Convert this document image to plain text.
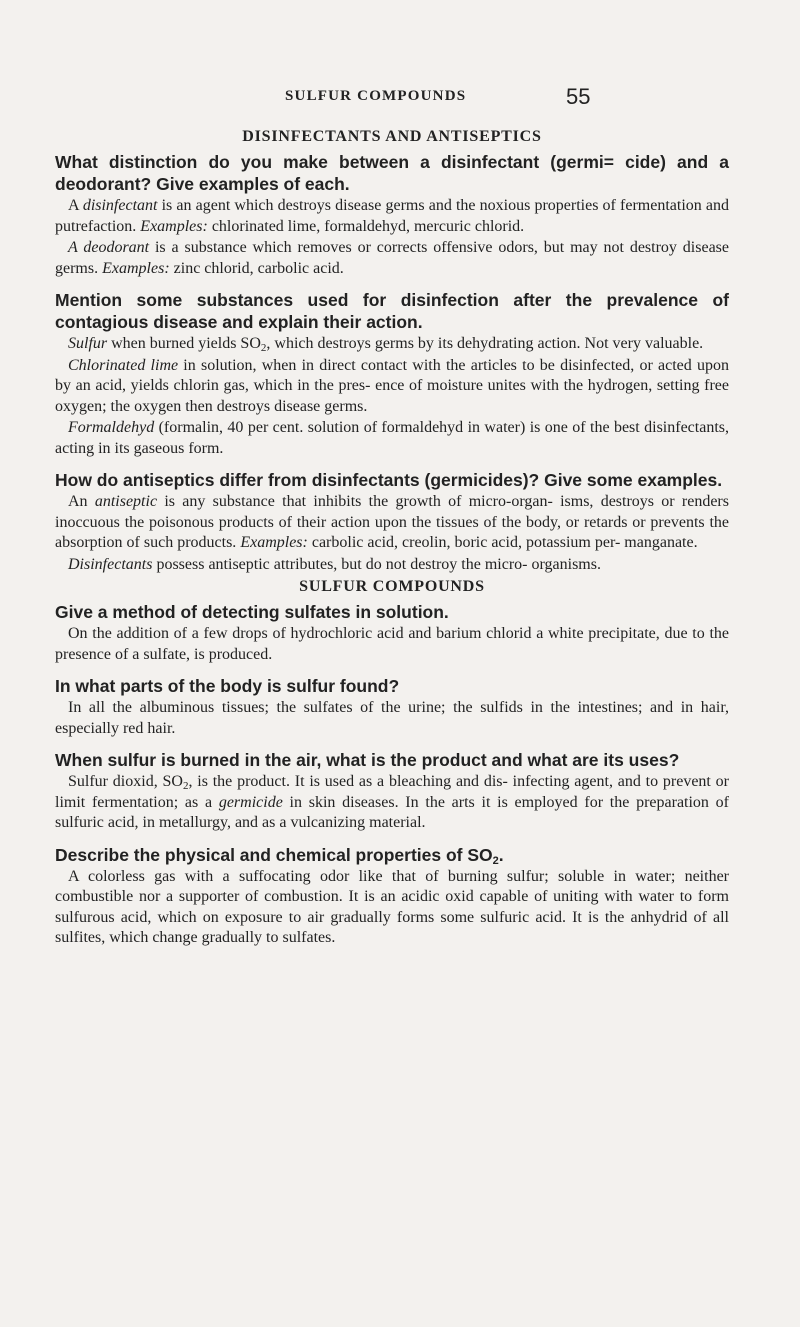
SULFUR COMPOUNDS	55
DISINFECTANTS AND ANTISEPTICS
What distinction do you make between a disinfectant (germi= cide) and a deodorant? Give examples of each.

A disinfectant is an agent which destroys disease germs and the noxious properties of fermentation and putrefaction. Examples: chlorinated lime, formaldehyd, mercuric chlorid.

A deodorant is a substance which removes or corrects offensive odors, but may not destroy disease germs. Examples: zinc chlorid, carbolic acid.

Mention some substances used for disinfection after the prevalence of contagious disease and explain their action.

Sulfur when burned yields $SO_2$, which destroys germs by its dehydrating action. Not very valuable.

Chlorinated lime in solution, when in direct contact with the articles to be disinfected, or acted upon by an acid, yields chlorin gas, which in the pres- ence of moisture unites with the hydrogen, setting free oxygen; the oxygen then destroys disease germs.

Formaldehyd (formalin, 40 per cent. solution of formaldehyd in water) is one of the best disinfectants, acting in its gaseous form.

How do antiseptics differ from disinfectants (germicides)? Give some examples.

An antiseptic is any substance that inhibits the growth of micro-organ- isms, destroys or renders inoccuous the poisonous products of their action upon the tissues of the body, or retards or prevents the absorption of such products. Examples: carbolic acid, creolin, boric acid, potassium per- manganate.

Disinfectants possess antiseptic attributes, but do not destroy the micro- organisms.

SULFUR COMPOUNDS
Give a method of detecting sulfates in solution.

On the addition of a few drops of hydrochloric acid and barium chlorid a white precipitate, due to the presence of a sulfate, is produced.

In what parts of the body is sulfur found?

In all the albuminous tissues; the sulfates of the urine; the sulfids in the intestines; and in hair, especially red hair.

When sulfur is burned in the air, what is the product and what are its uses?

Sulfur dioxid, $SO_2$, is the product. It is used as a bleaching and dis- infecting agent, and to prevent or limit fermentation; as a germicide in skin diseases. In the arts it is employed for the preparation of sulfuric acid, in metallurgy, and as a vulcanizing material.

Describe the physical and chemical properties of $SO_2$.

A colorless gas with a suffocating odor like that of burning sulfur; soluble in water; neither combustible nor a supporter of combustion. It is an acidic oxid capable of uniting with water to form sulfurous acid, which on exposure to air gradually forms some sulfuric acid. It is the anhydrid of all sulfites, which change gradually to sulfates.
